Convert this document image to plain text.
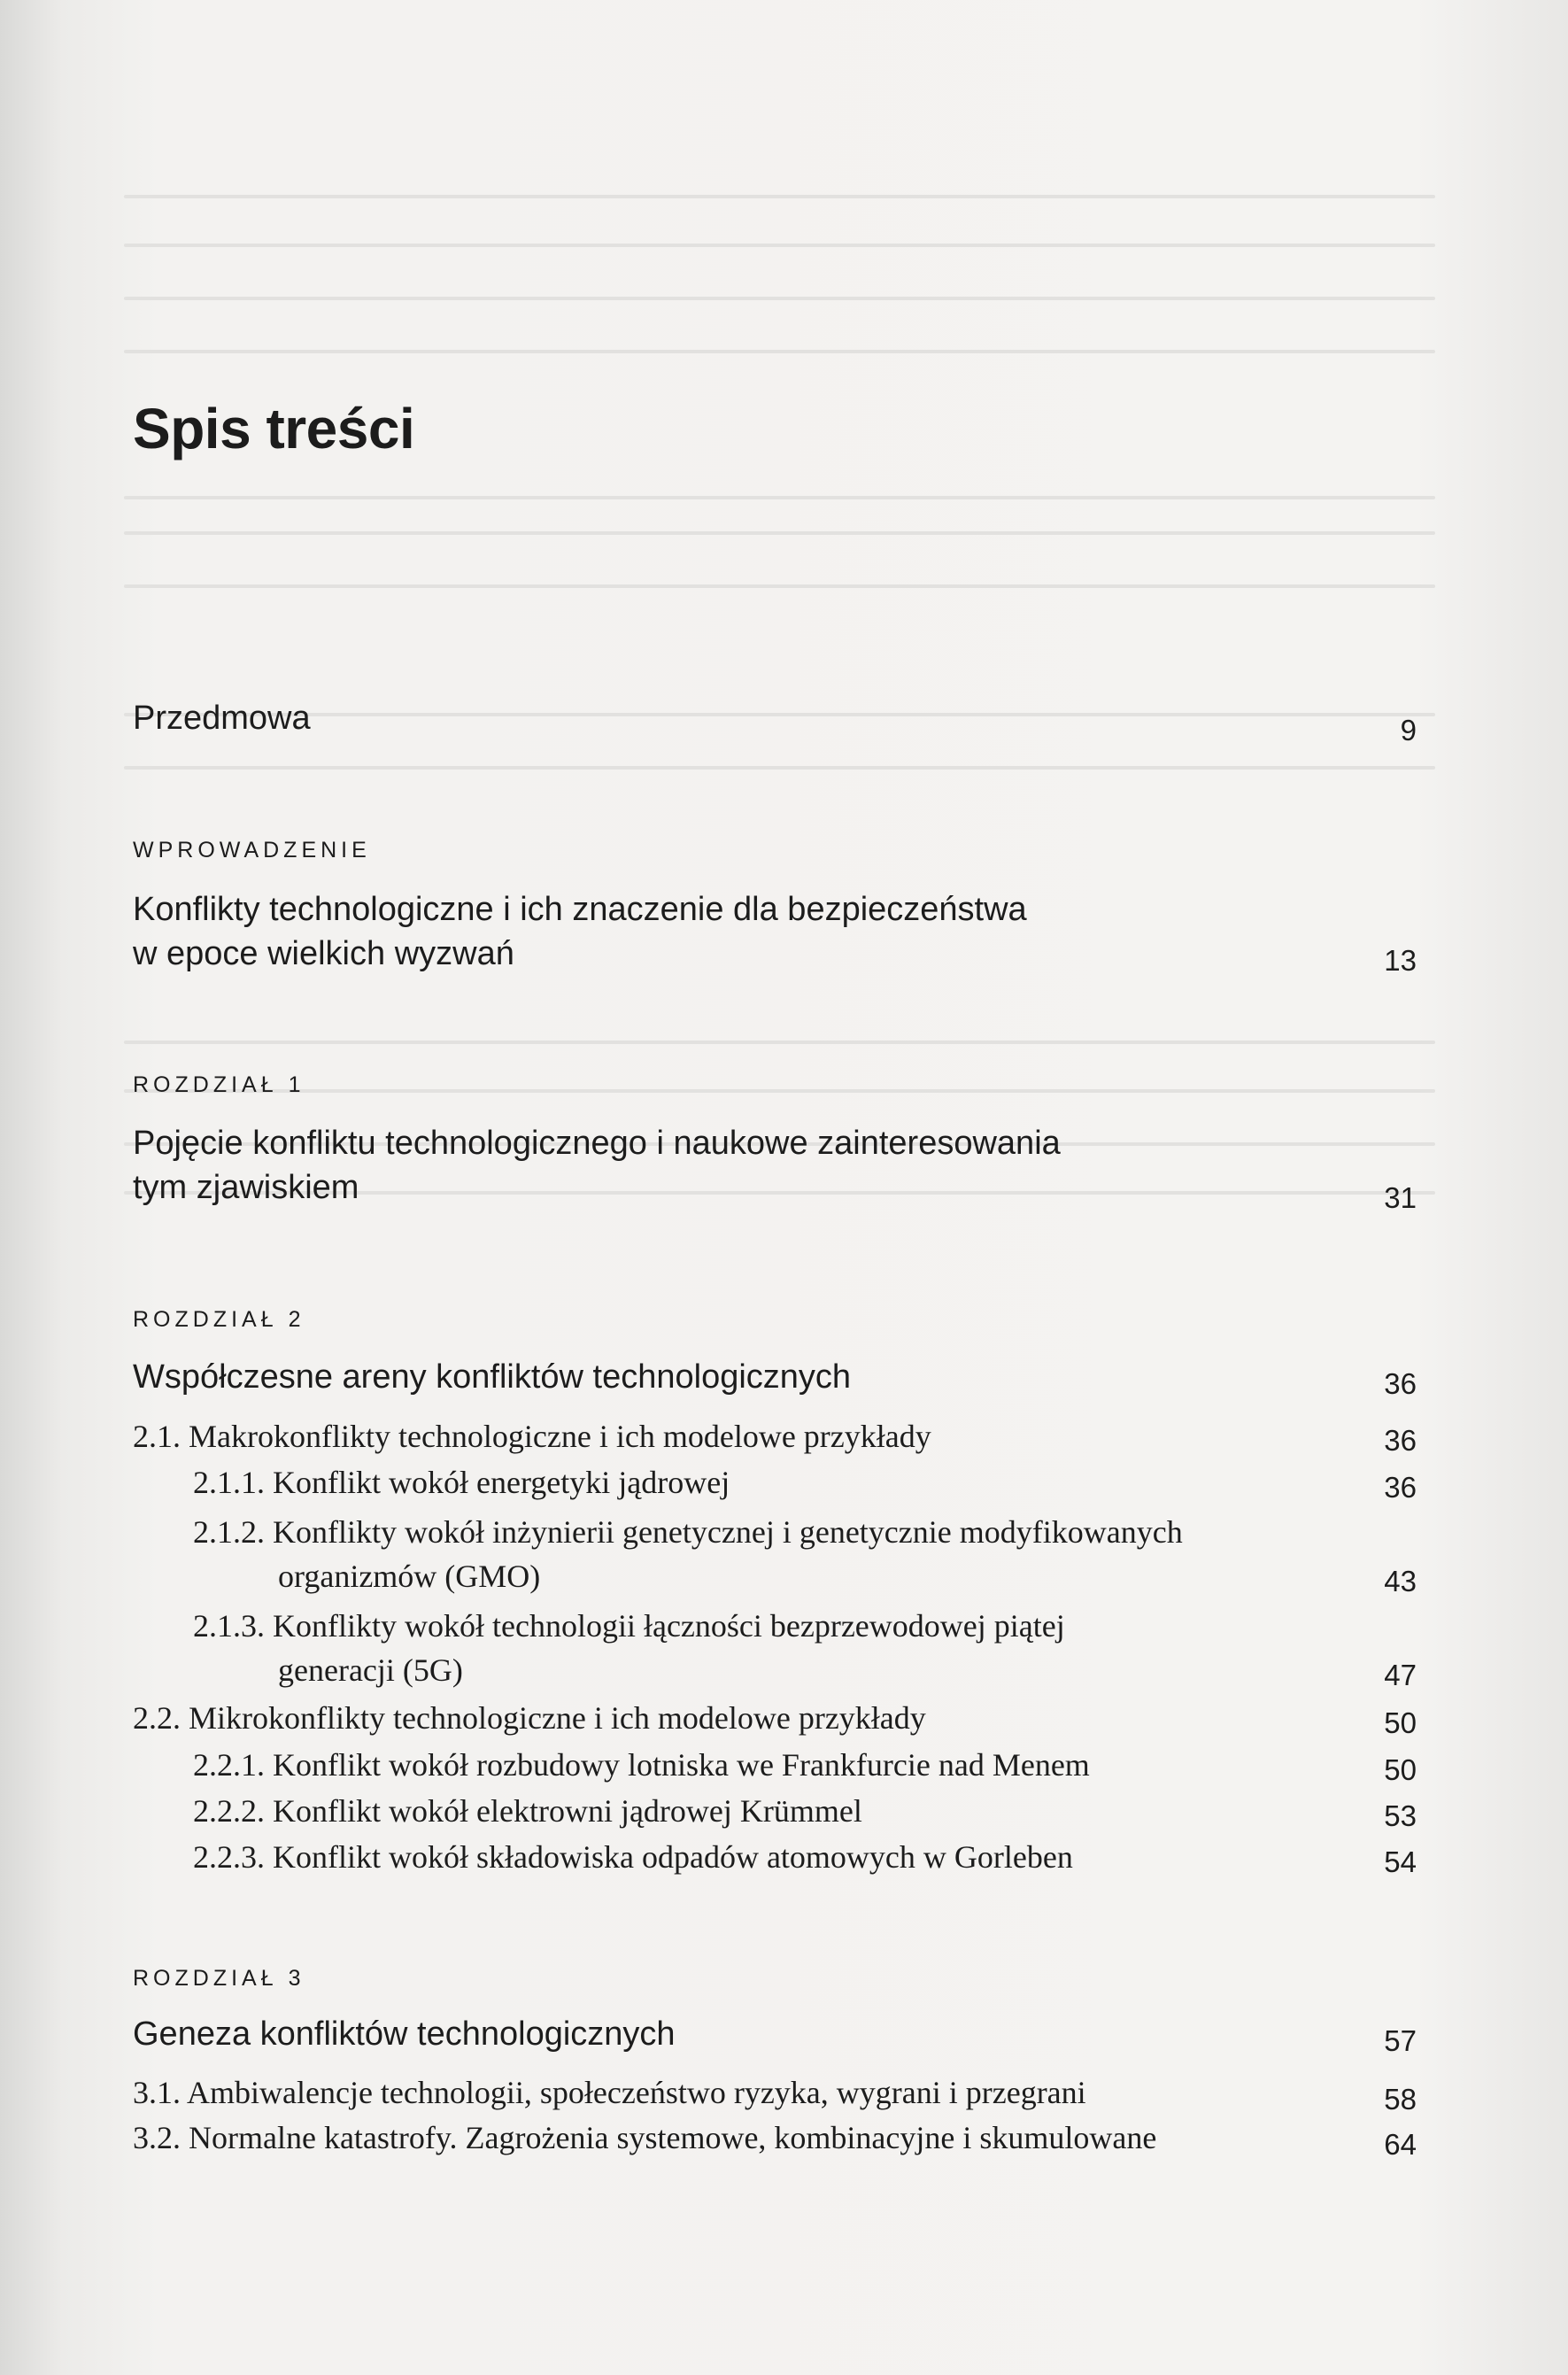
Spis treści
Przedmowa	9
WPROWADZENIE
Konflikty technologiczne i ich znaczenie dla bezpieczeństwa
w epoce wielkich wyzwań	13
ROZDZIAŁ 1
Pojęcie konfliktu technologicznego i naukowe zainteresowania
tym zjawiskiem	31
ROZDZIAŁ 2
Współczesne areny konfliktów technologicznych	36
2.1. Makrokonflikty technologiczne i ich modelowe przykłady	36
2.1.1. Konflikt wokół energetyki jądrowej	36
2.1.2. Konflikty wokół inżynierii genetycznej i genetycznie modyfikowanych
organizmów (GMO)	43
2.1.3. Konflikty wokół technologii łączności bezprzewodowej piątej
generacji (5G)	47
2.2. Mikrokonflikty technologiczne i ich modelowe przykłady	50
2.2.1. Konflikt wokół rozbudowy lotniska we Frankfurcie nad Menem	50
2.2.2. Konflikt wokół elektrowni jądrowej Krümmel	53
2.2.3. Konflikt wokół składowiska odpadów atomowych w Gorleben	54
ROZDZIAŁ 3
Geneza konfliktów technologicznych	57
3.1. Ambiwalencje technologii, społeczeństwo ryzyka, wygrani i przegrani	58
3.2. Normalne katastrofy. Zagrożenia systemowe, kombinacyjne i skumulowane	64
